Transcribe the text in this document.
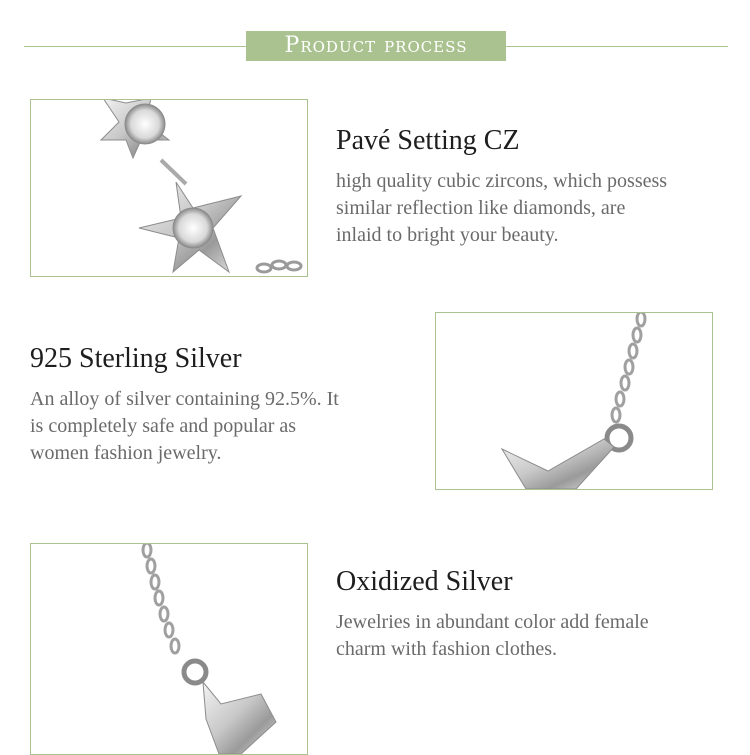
Product process
Pavé Setting CZ

high quality cubic zircons, which possess
similar reflection like diamonds, are
inlaid to bright your beauty.

925 Sterling Silver

An alloy of silver containing 92.5%. It
is completely safe and popular as
women fashion jewelry.

Oxidized Silver

Jewelries in abundant color add female
charm with fashion clothes.
